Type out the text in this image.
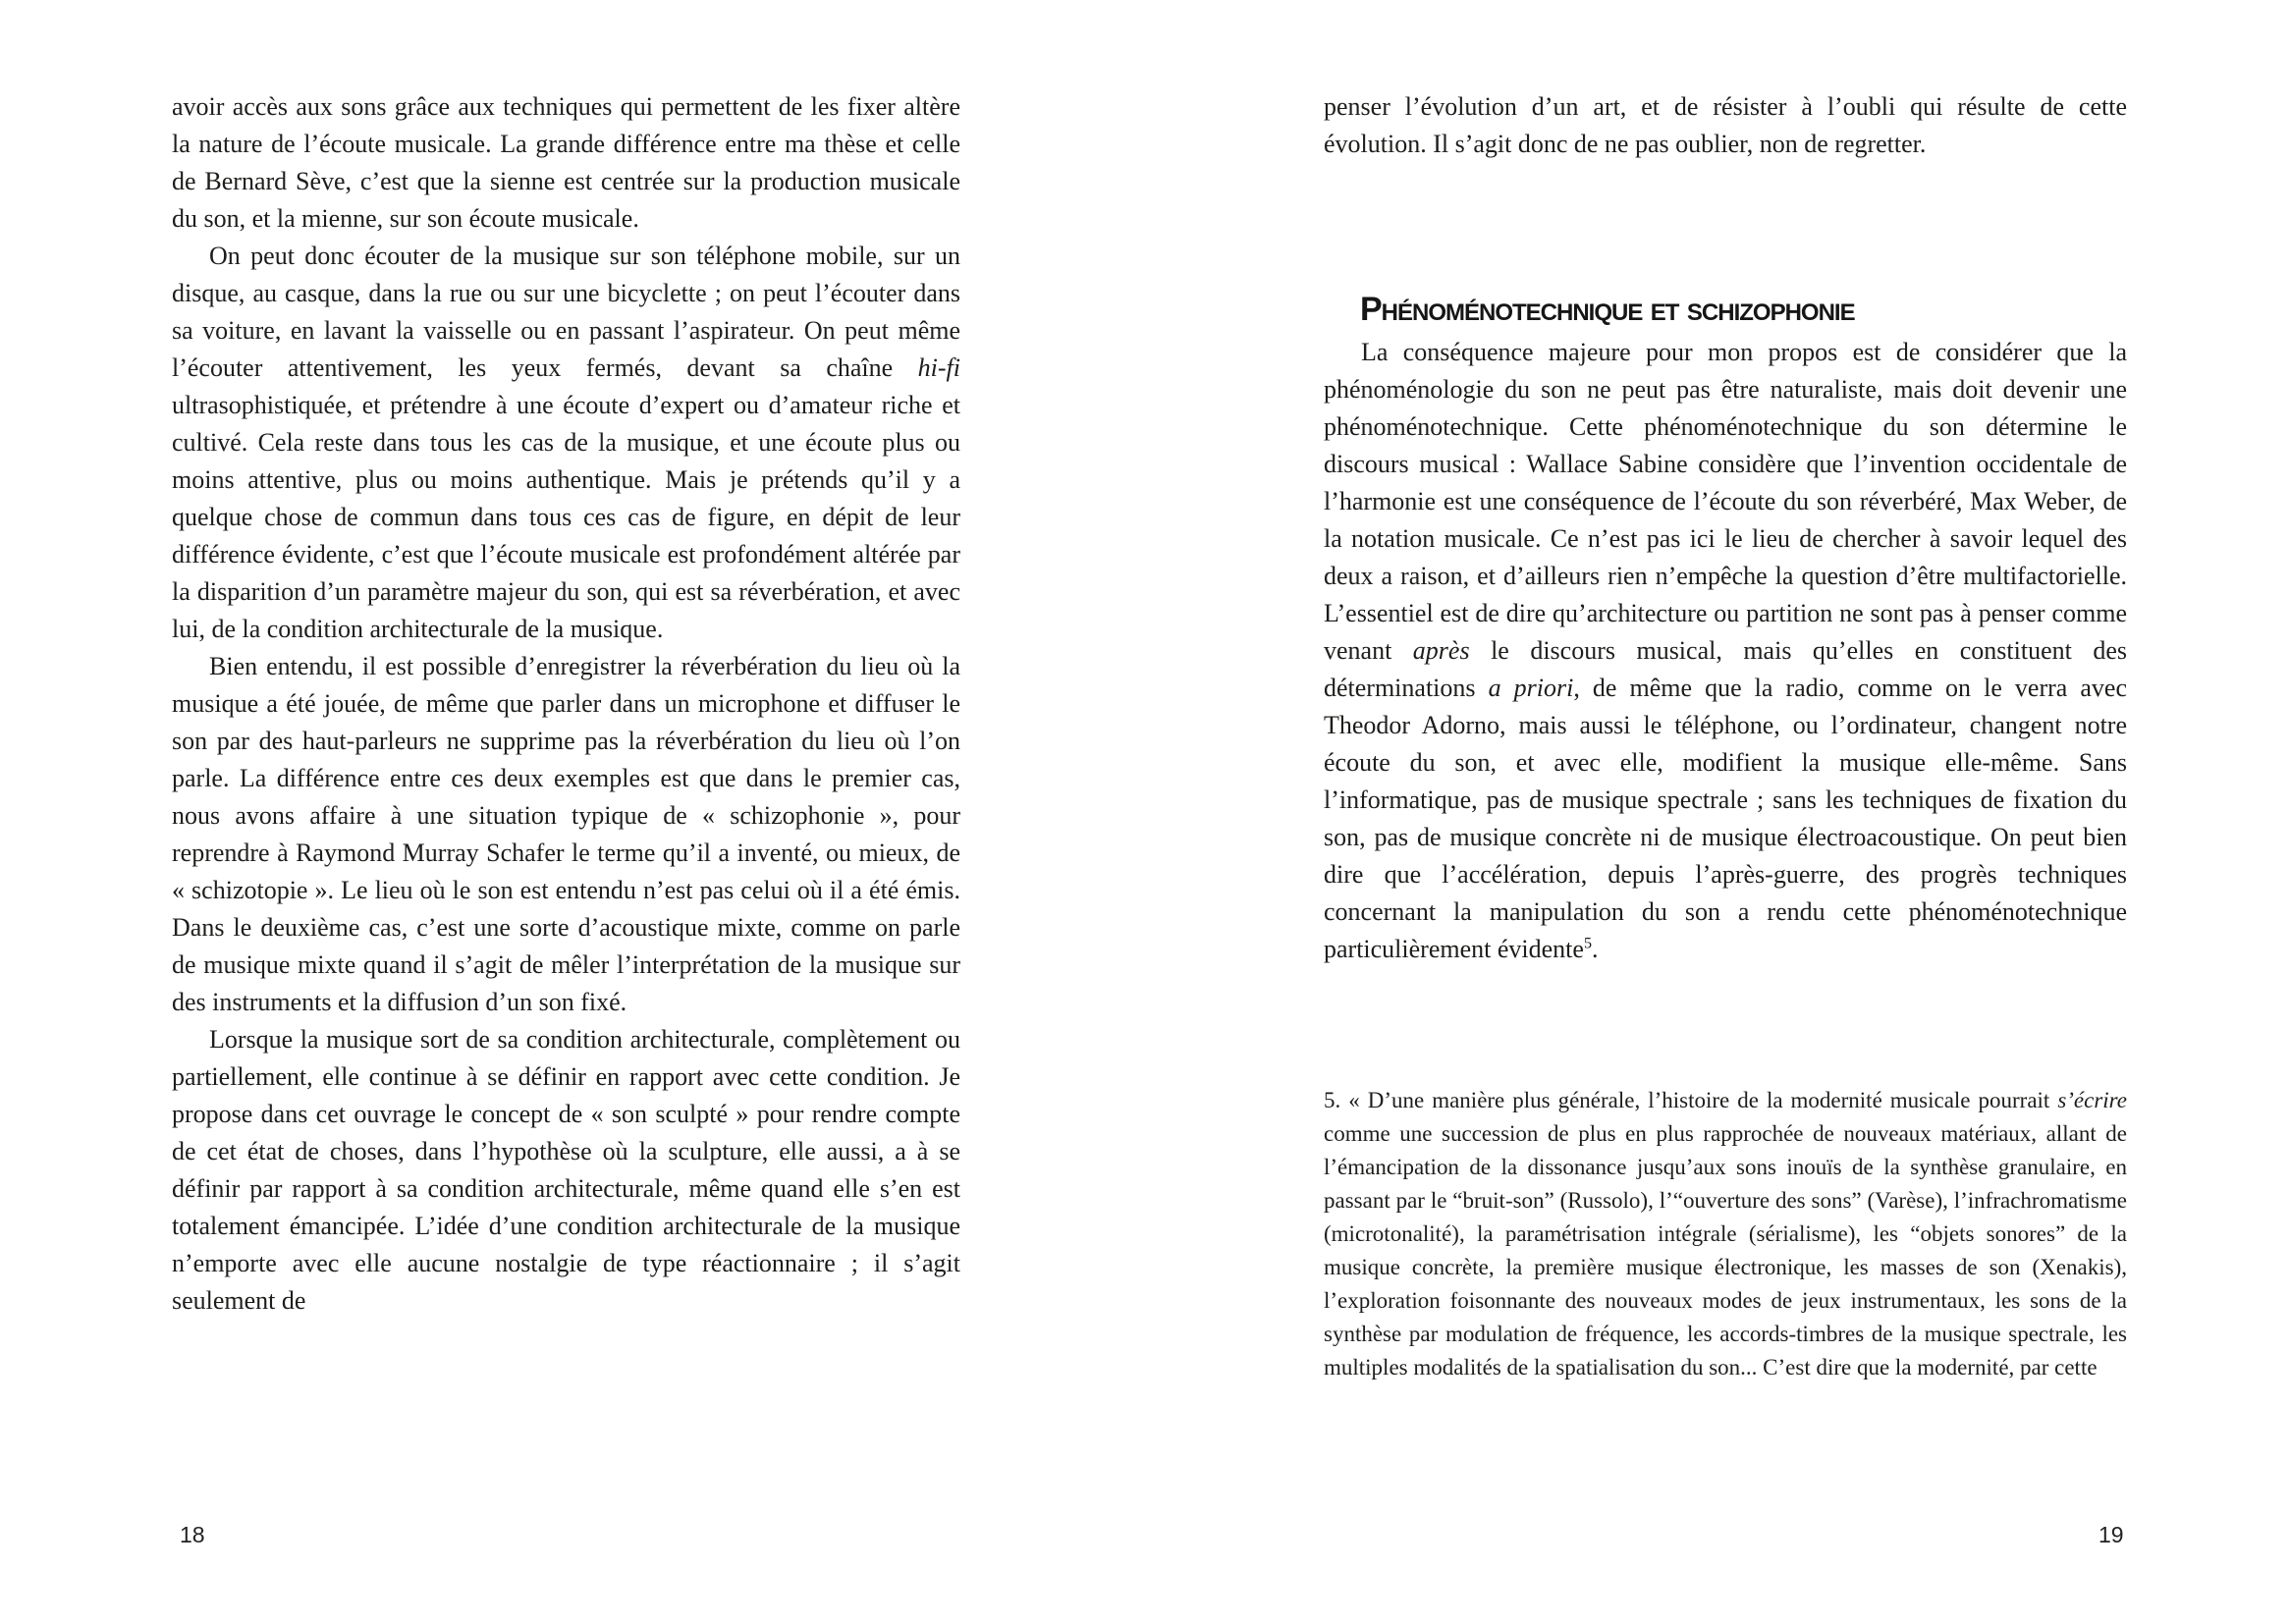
avoir accès aux sons grâce aux techniques qui permettent de les fixer altère la nature de l’écoute musicale. La grande différence entre ma thèse et celle de Bernard Sève, c’est que la sienne est centrée sur la production musicale du son, et la mienne, sur son écoute musicale.

On peut donc écouter de la musique sur son téléphone mobile, sur un disque, au casque, dans la rue ou sur une bicyclette ; on peut l’écouter dans sa voiture, en lavant la vaisselle ou en passant l’aspirateur. On peut même l’écouter attentivement, les yeux fermés, devant sa chaîne hi-fi ultrasophistiquée, et prétendre à une écoute d’expert ou d’amateur riche et cultivé. Cela reste dans tous les cas de la musique, et une écoute plus ou moins attentive, plus ou moins authentique. Mais je prétends qu’il y a quelque chose de commun dans tous ces cas de figure, en dépit de leur différence évidente, c’est que l’écoute musicale est profondément altérée par la disparition d’un paramètre majeur du son, qui est sa réverbération, et avec lui, de la condition architecturale de la musique.

Bien entendu, il est possible d’enregistrer la réverbération du lieu où la musique a été jouée, de même que parler dans un microphone et diffuser le son par des haut-parleurs ne supprime pas la réverbération du lieu où l’on parle. La différence entre ces deux exemples est que dans le premier cas, nous avons affaire à une situation typique de « schizophonie », pour reprendre à Raymond Murray Schafer le terme qu’il a inventé, ou mieux, de « schizotopie ». Le lieu où le son est entendu n’est pas celui où il a été émis. Dans le deuxième cas, c’est une sorte d’acoustique mixte, comme on parle de musique mixte quand il s’agit de mêler l’interprétation de la musique sur des instruments et la diffusion d’un son fixé.

Lorsque la musique sort de sa condition architecturale, complètement ou partiellement, elle continue à se définir en rapport avec cette condition. Je propose dans cet ouvrage le concept de « son sculpté » pour rendre compte de cet état de choses, dans l’hypothèse où la sculpture, elle aussi, a à se définir par rapport à sa condition architecturale, même quand elle s’en est totalement émancipée. L’idée d’une condition architecturale de la musique n’emporte avec elle aucune nostalgie de type réactionnaire ; il s’agit seulement de

18

penser l’évolution d’un art, et de résister à l’oubli qui résulte de cette évolution. Il s’agit donc de ne pas oublier, non de regretter.

Phénoménotechnique et schizophonie

La conséquence majeure pour mon propos est de considérer que la phénoménologie du son ne peut pas être naturaliste, mais doit devenir une phénoménotechnique. Cette phénoménotechnique du son détermine le discours musical : Wallace Sabine considère que l’invention occidentale de l’harmonie est une conséquence de l’écoute du son réverbéré, Max Weber, de la notation musicale. Ce n’est pas ici le lieu de chercher à savoir lequel des deux a raison, et d’ailleurs rien n’empêche la question d’être multifactorielle. L’essentiel est de dire qu’architecture ou partition ne sont pas à penser comme venant après le discours musical, mais qu’elles en constituent des déterminations a priori, de même que la radio, comme on le verra avec Theodor Adorno, mais aussi le téléphone, ou l’ordinateur, changent notre écoute du son, et avec elle, modifient la musique elle-même. Sans l’informatique, pas de musique spectrale ; sans les techniques de fixation du son, pas de musique concrète ni de musique électroacoustique. On peut bien dire que l’accélération, depuis l’après-guerre, des progrès techniques concernant la manipulation du son a rendu cette phénoménotechnique particulièrement évidente$^5$.

5. « D’une manière plus générale, l’histoire de la modernité musicale pourrait s’écrire comme une succession de plus en plus rapprochée de nouveaux matériaux, allant de l’émancipation de la dissonance jusqu’aux sons inouïs de la synthèse granulaire, en passant par le “bruit-son” (Russolo), l’“ouverture des sons” (Varèse), l’infrachromatisme (microtonalité), la paramétrisation intégrale (sérialisme), les “objets sonores” de la musique concrète, la première musique électronique, les masses de son (Xenakis), l’exploration foisonnante des nouveaux modes de jeux instrumentaux, les sons de la synthèse par modulation de fréquence, les accords-timbres de la musique spectrale, les multiples modalités de la spatialisation du son... C’est dire que la modernité, par cette
19
